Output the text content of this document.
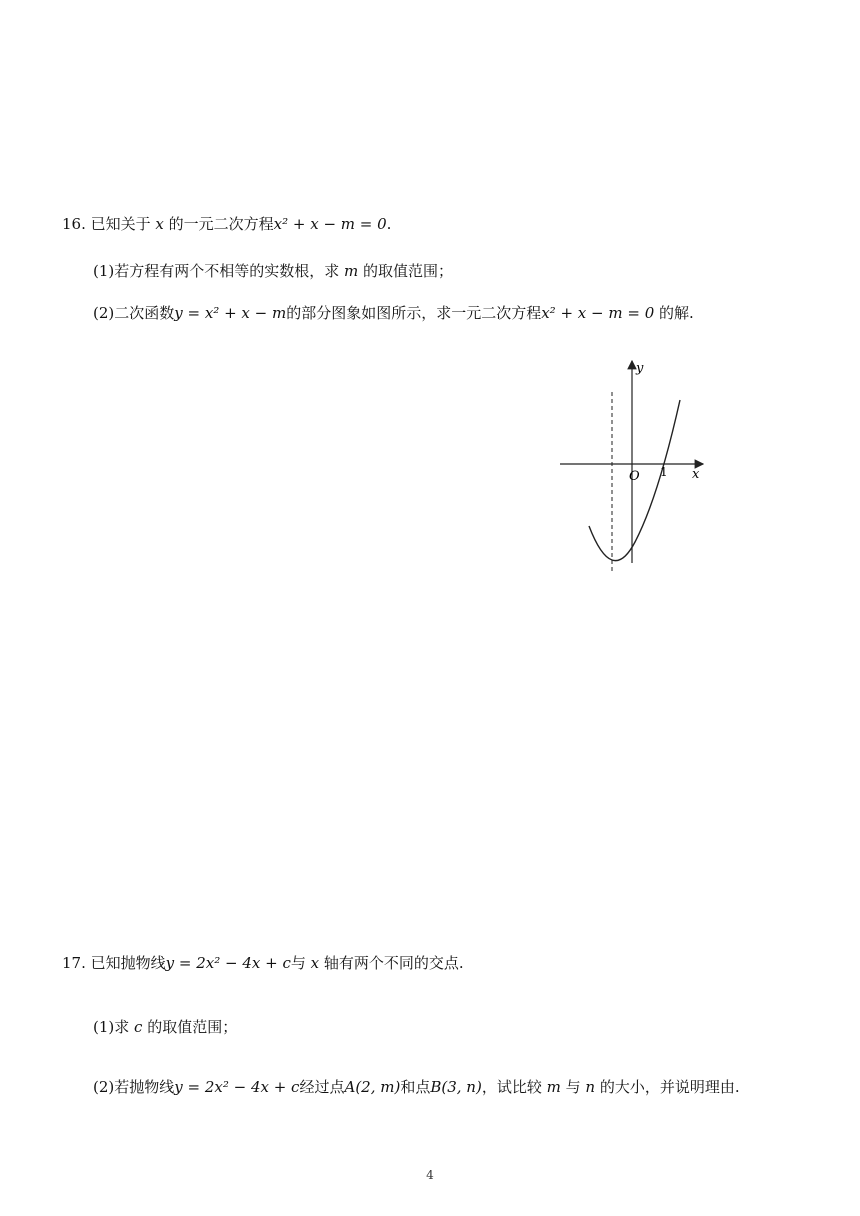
16. 已知关于 x 的一元二次方程x² + x − m = 0.
(1)若方程有两个不相等的实数根，求 m 的取值范围；
(2)二次函数y = x² + x − m的部分图象如图所示，求一元二次方程x² + x − m = 0 的解.
y
x
O 1
17. 已知抛物线y = 2x² − 4x + c与 x 轴有两个不同的交点.
(1)求 c 的取值范围；
(2)若抛物线y = 2x² − 4x + c经过点A(2, m)和点B(3, n)，试比较 m 与 n 的大小，并说明理由.
4
